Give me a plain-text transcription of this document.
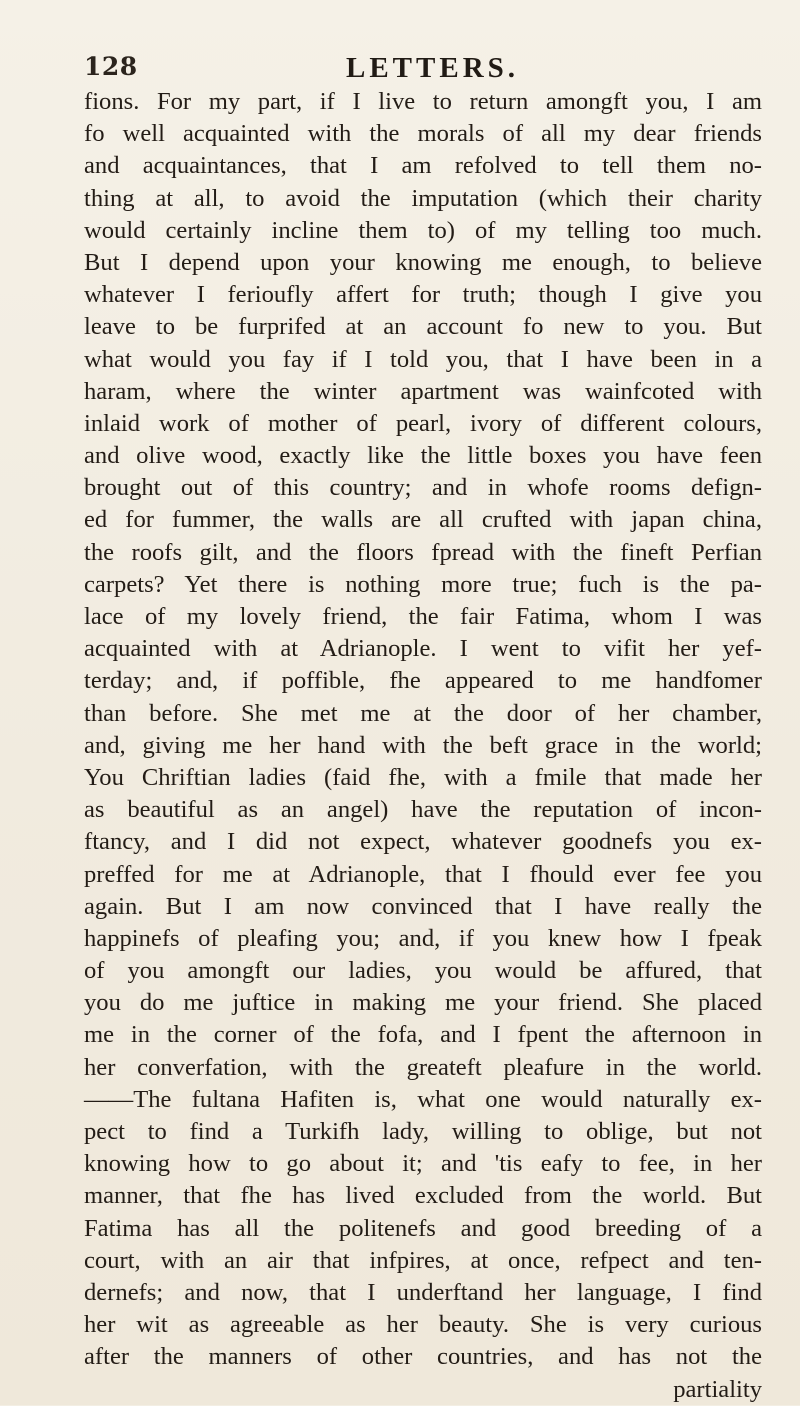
128	LETTERS.
fions. For my part, if I live to return amongft you, I am
fo well acquainted with the morals of all my dear friends
and acquaintances, that I am refolved to tell them no-
thing at all, to avoid the imputation (which their charity
would certainly incline them to) of my telling too much.
But I depend upon your knowing me enough, to believe
whatever I ferioufly affert for truth; though I give you
leave to be furprifed at an account fo new to you. But
what would you fay if I told you, that I have been in a
haram, where the winter apartment was wainfcoted with
inlaid work of mother of pearl, ivory of different colours,
and olive wood, exactly like the little boxes you have feen
brought out of this country; and in whofe rooms defign-
ed for fummer, the walls are all crufted with japan china,
the roofs gilt, and the floors fpread with the fineft Perfian
carpets? Yet there is nothing more true; fuch is the pa-
lace of my lovely friend, the fair Fatima, whom I was
acquainted with at Adrianople. I went to vifit her yef-
terday; and, if poffible, fhe appeared to me handfomer
than before. She met me at the door of her chamber,
and, giving me her hand with the beft grace in the world;
You Chriftian ladies (faid fhe, with a fmile that made her
as beautiful as an angel) have the reputation of incon-
ftancy, and I did not expect, whatever goodnefs you ex-
preffed for me at Adrianople, that I fhould ever fee you
again. But I am now convinced that I have really the
happinefs of pleafing you; and, if you knew how I fpeak
of you amongft our ladies, you would be affured, that
you do me juftice in making me your friend. She placed
me in the corner of the fofa, and I fpent the afternoon in
her converfation, with the greateft pleafure in the world.
——The fultana Hafiten is, what one would naturally ex-
pect to find a Turkifh lady, willing to oblige, but not
knowing how to go about it; and 'tis eafy to fee, in her
manner, that fhe has lived excluded from the world. But
Fatima has all the politenefs and good breeding of a
court, with an air that infpires, at once, refpect and ten-
dernefs; and now, that I underftand her language, I find
her wit as agreeable as her beauty. She is very curious
after the manners of other countries, and has not the
partiality
